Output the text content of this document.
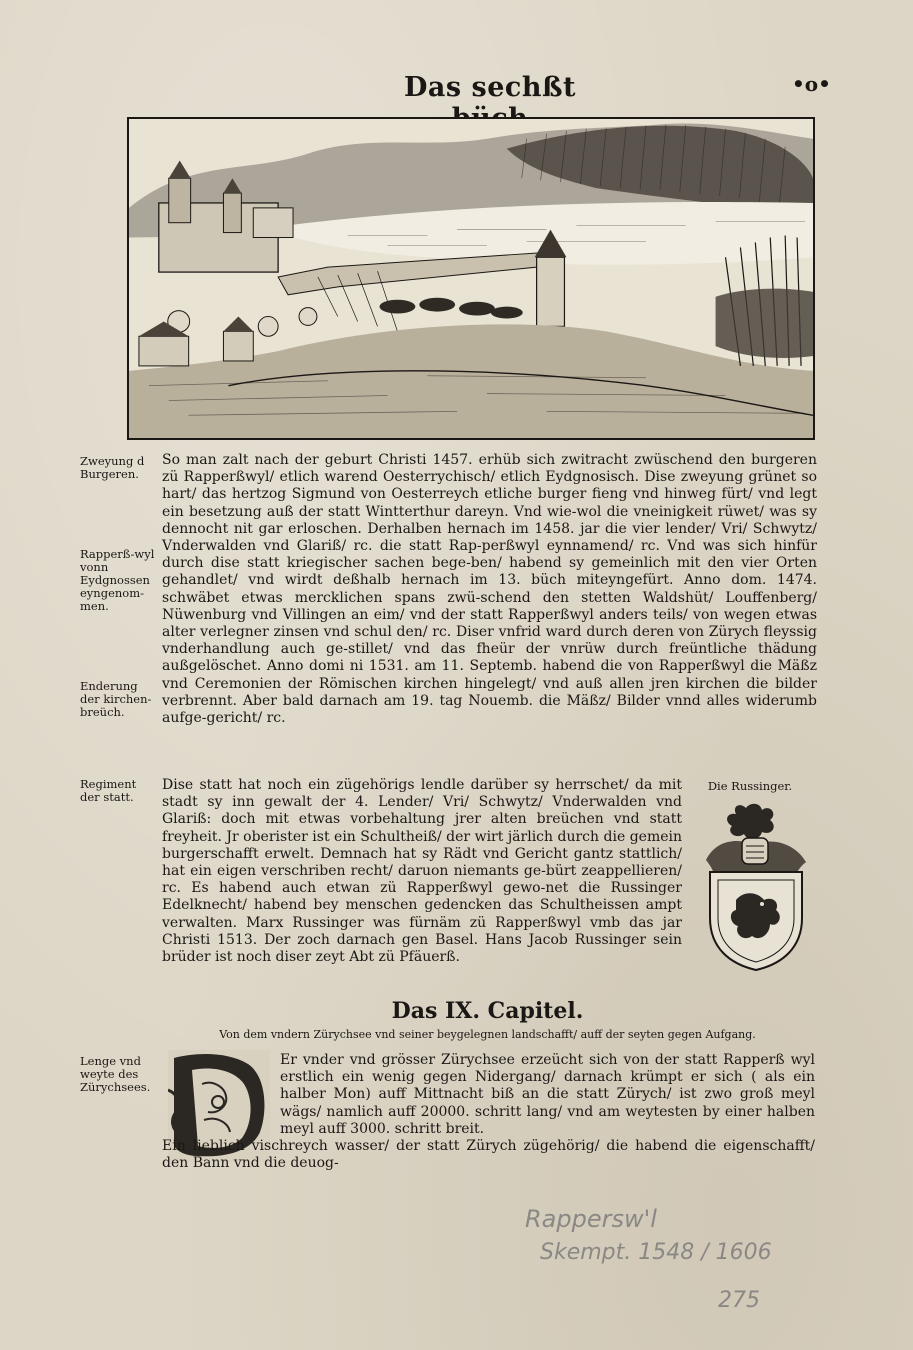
Das sechßt	•o•
Zweyung d Burgeren.
Rapperß-wyl vonn Eydgnossen eyngenom-men.
Enderung der kirchen-breüch.
Regiment der statt.
Lenge vnd weyte des Zürychsees.
So man zalt nach der geburt Christi 1457. erhüb sich zwitracht zwüschend den burgeren zü Rapperßwyl/ etlich warend Oesterrychisch/ etlich Eydgnosisch. Dise zweyung grünet so hart/ das hertzog Sigmund von Oesterreych etliche burger fieng vnd hinweg fürt/ vnd legt ein besetzung auß der statt Wintterthur dareyn. Vnd wie-wol die vneinigkeit rüwet/ was sy dennocht nit gar erloschen. Derhalben hernach im 1458. jar die vier lender/ Vri/ Schwytz/ Vnderwalden vnd Glariß/ rc. die statt Rap-perßwyl eynnamend/ rc. Vnd was sich hinfür durch dise statt kriegischer sachen bege-ben/ habend sy gemeinlich mit den vier Orten gehandlet/ vnd wirdt deßhalb hernach im 13. büch miteyngefürt. Anno dom. 1474. schwäbet etwas mercklichen spans zwü-schend den stetten Waldshüt/ Louffenberg/ Nüwenburg vnd Villingen an eim/ vnd der statt Rapperßwyl anders teils/ von wegen etwas alter verlegner zinsen vnd schul den/ rc. Diser vnfrid ward durch deren von Zürych fleyssig vnderhandlung auch ge-stillet/ vnd das fheür der vnrüw durch freüntliche thädung außgelöschet. Anno domi ni 1531. am 11. Septemb. habend die von Rapperßwyl die Mäßz vnd Ceremonien der Römischen kirchen hingelegt/ vnd auß allen jren kirchen die bilder verbrennt. Aber bald darnach am 19. tag Nouemb. die Mäßz/ Bilder vnnd alles widerumb aufge-gericht/ rc.
Dise statt hat noch ein zügehörigs lendle darüber sy herrschet/ da mit stadt sy inn gewalt der 4. Lender/ Vri/ Schwytz/ Vnderwalden vnd Glariß: doch mit etwas vorbehaltung jrer alten breüchen vnd statt freyheit. Jr oberister ist ein Schultheiß/ der wirt järlich durch die gemein burgerschafft erwelt. Demnach hat sy Rädt vnd Gericht gantz stattlich/ hat ein eigen verschriben recht/ daruon niemants ge-bürt zeappellieren/ rc. Es habend auch etwan zü Rapperßwyl gewo-net die Russinger Edelknecht/ habend bey menschen gedencken das Schultheissen ampt verwalten. Marx Russinger was fürnäm zü Rapperßwyl vmb das jar Christi 1513. Der zoch darnach gen Basel. Hans Jacob Russinger sein brüder ist noch diser zeyt Abt zü Pfäuerß.
Die Russinger.
Das IX. Capitel.
Von dem vndern Zürychsee vnd seiner beygelegnen landschafft/ auff der seyten gegen Aufgang.
Er vnder vnd grösser Zürychsee erzeücht sich von der statt Rapperß wyl erstlich ein wenig gegen Nidergang/ darnach krümpt er sich ( als ein halber Mon) auff Mittnacht biß an die statt Zürych/ ist zwo groß meyl wägs/ namlich auff 20000. schritt lang/ vnd am weytesten by einer halben meyl auff 3000. schritt breit.
Ein lieblich vischreych wasser/ der statt Zürych zügehörig/ die habend die eigenschafft/ den Bann vnd die deuog-
Rappersw'l
Skempt. 1548 / 1606
275
